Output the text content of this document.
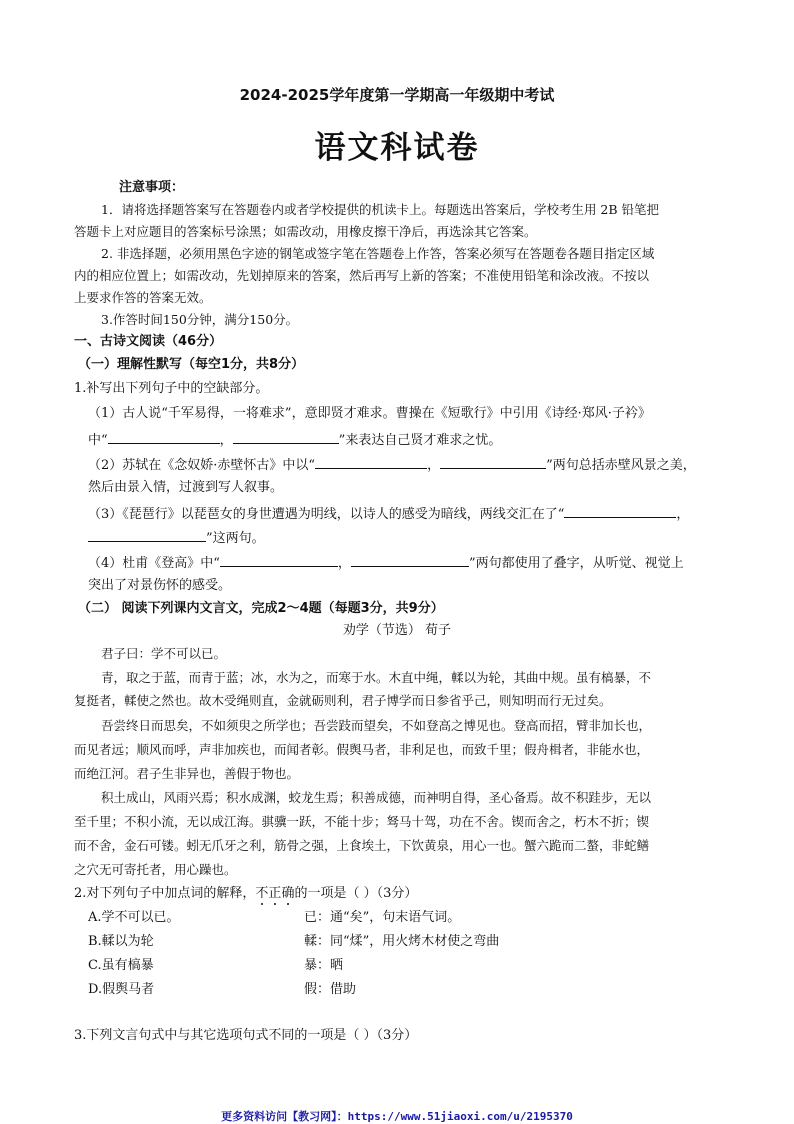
2024-2025学年度第一学期高一年级期中考试
语文科试卷
注意事项：
1．请将选择题答案写在答题卷内或者学校提供的机读卡上。每题选出答案后，学校考生用 2B 铅笔把
答题卡上对应题目的答案标号涂黑；如需改动，用橡皮擦干净后，再选涂其它答案。
2. 非选择题，必须用黑色字迹的钢笔或签字笔在答题卷上作答，答案必须写在答题卷各题目指定区域
内的相应位置上；如需改动，先划掉原来的答案，然后再写上新的答案；不准使用铅笔和涂改液。不按以
上要求作答的答案无效。
3.作答时间150分钟，满分150分。
一、古诗文阅读（46分）
（一）理解性默写（每空1分，共8分）
1.补写出下列句子中的空缺部分。
（1）古人说“千军易得，一将难求”，意即贤才难求。曹操在《短歌行》中引用《诗经·郑风·子衿》
中“	，	”来表达自己贤才难求之忧。
（2）苏轼在《念奴娇·赤壁怀古》中以“	，	”两句总括赤壁风景之美，
然后由景入情，过渡到写人叙事。
（3）《琵琶行》以琵琶女的身世遭遇为明线，以诗人的感受为暗线，两线交汇在了“	，
”这两句。
（4）杜甫《登高》中“	，	”两句都使用了叠字，从听觉、视觉上
突出了对景伤怀的感受。
（二） 阅读下列课内文言文，完成2～4题（每题3分，共9分）
劝学（节选） 荀子
君子曰：学不可以已。
青，取之于蓝，而青于蓝；冰，水为之，而寒于水。木直中绳，輮以为轮，其曲中规。虽有槁暴，不
复挺者，輮使之然也。故木受绳则直，金就砺则利，君子博学而日参省乎己，则知明而行无过矣。
吾尝终日而思矣，不如须臾之所学也；吾尝跂而望矣，不如登高之博见也。登高而招，臂非加长也，
而见者远；顺风而呼，声非加疾也，而闻者彰。假舆马者，非利足也，而致千里；假舟楫者，非能水也，
而绝江河。君子生非异也，善假于物也。
积土成山，风雨兴焉；积水成渊，蛟龙生焉；积善成德，而神明自得，圣心备焉。故不积跬步，无以
至千里；不积小流，无以成江海。骐骥一跃，不能十步；驽马十驾，功在不舍。锲而舍之，朽木不折；锲
而不舍，金石可镂。蚓无爪牙之利，筋骨之强，上食埃土，下饮黄泉，用心一也。蟹六跪而二螯，非蛇鳝
之穴无可寄托者，用心躁也。
2.对下列句子中加点词的解释，不正确的一项是（ ）（3分）
A.学不可以已。	已：通“矣”，句末语气词。
B.輮以为轮	輮：同“煣”，用火烤木材使之弯曲
C.虽有槁暴	暴：晒
D.假舆马者	假：借助
3.下列文言句式中与其它选项句式不同的一项是（ ）（3分）
更多资料访问【教习网】：https://www.51jiaoxi.com/u/2195370
